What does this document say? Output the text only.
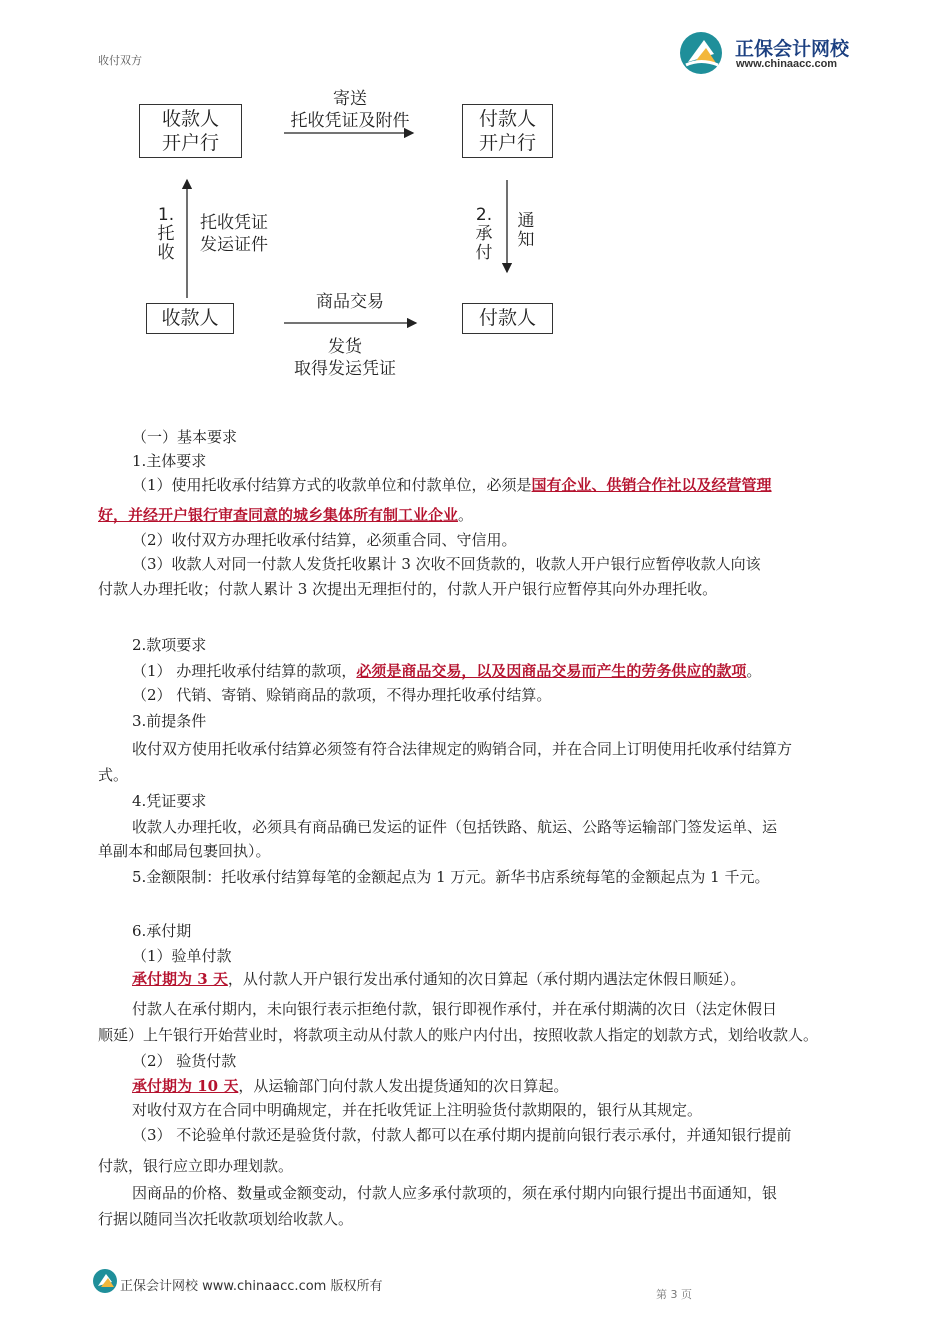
收付双方
正保会计网校
www.chinaacc.com
收款人
开户行
付款人
开户行
收款人	付款人
寄送
托收凭证及附件
1.托收
托收凭证
发运证件
2.承付
通知
商品交易
发货
取得发运凭证
（一）基本要求
1.主体要求
（1）使用托收承付结算方式的收款单位和付款单位，必须是国有企业、供销合作社以及经营管理
好，并经开户银行审查同意的城乡集体所有制工业企业。
（2）收付双方办理托收承付结算，必须重合同、守信用。
（3）收款人对同一付款人发货托收累计 3 次收不回货款的，收款人开户银行应暂停收款人向该
付款人办理托收；付款人累计 3 次提出无理拒付的，付款人开户银行应暂停其向外办理托收。
2.款项要求
（1） 办理托收承付结算的款项，必须是商品交易，以及因商品交易而产生的劳务供应的款项。
（2） 代销、寄销、赊销商品的款项，不得办理托收承付结算。
3.前提条件
收付双方使用托收承付结算必须签有符合法律规定的购销合同，并在合同上订明使用托收承付结算方
式。
4.凭证要求
收款人办理托收，必须具有商品确已发运的证件（包括铁路、航运、公路等运输部门签发运单、运
单副本和邮局包裹回执）。
5.金额限制：托收承付结算每笔的金额起点为 1 万元。新华书店系统每笔的金额起点为 1 千元。
6.承付期
（1）验单付款
承付期为 3 天，从付款人开户银行发出承付通知的次日算起（承付期内遇法定休假日顺延）。
付款人在承付期内，未向银行表示拒绝付款，银行即视作承付，并在承付期满的次日（法定休假日
顺延）上午银行开始营业时，将款项主动从付款人的账户内付出，按照收款人指定的划款方式，划给收款人。
（2） 验货付款
承付期为 10 天，从运输部门向付款人发出提货通知的次日算起。
对收付双方在合同中明确规定，并在托收凭证上注明验货付款期限的，银行从其规定。
（3） 不论验单付款还是验货付款，付款人都可以在承付期内提前向银行表示承付，并通知银行提前
付款，银行应立即办理划款。
因商品的价格、数量或金额变动，付款人应多承付款项的，须在承付期内向银行提出书面通知，银
行据以随同当次托收款项划给收款人。
正保会计网校 www.chinaacc.com 版权所有
第 3 页
